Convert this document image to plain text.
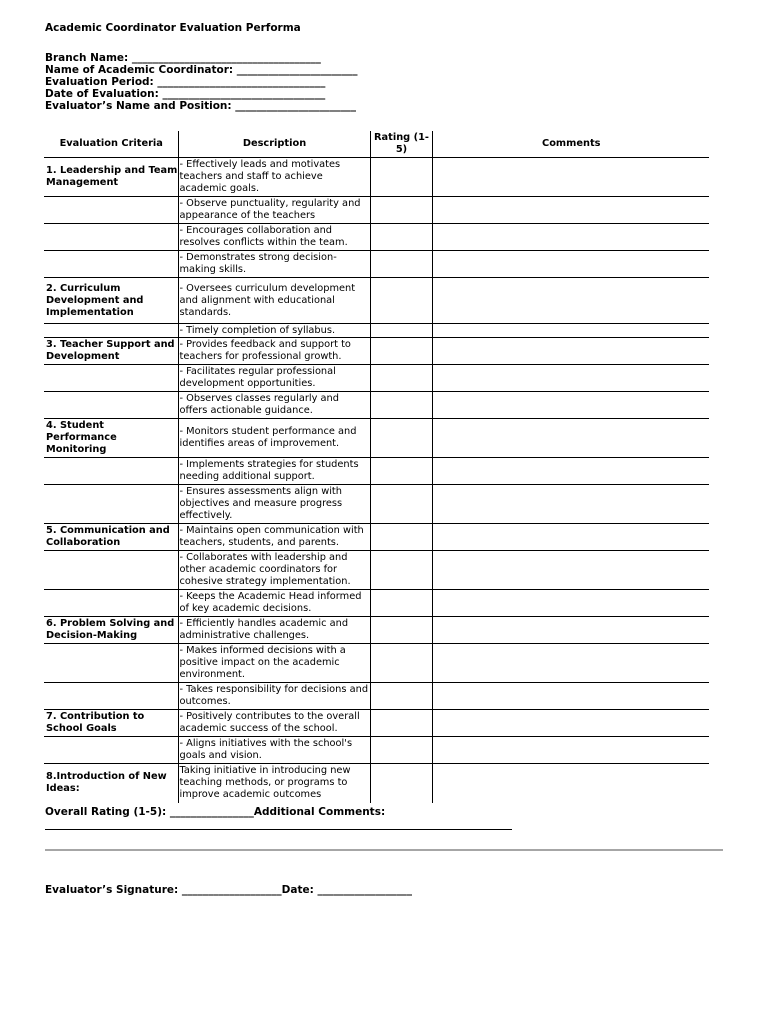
Academic Coordinator Evaluation Performa
Branch Name: ____________________________________
Name of Academic Coordinator: _______________________
Evaluation Period: ________________________________
Date of Evaluation: _______________________________
Evaluator’s Name and Position: _______________________
Evaluation Criteria	Description	Rating (1-5)	Comments
1. Leadership and Team Management	- Effectively leads and motivates teachers and staff to achieve academic goals.		
	- Observe punctuality, regularity and appearance of the teachers		
	- Encourages collaboration and resolves conflicts within the team.		
	- Demonstrates strong decision-making skills.		
2. Curriculum Development and Implementation	- Oversees curriculum development and alignment with educational standards.		
	- Timely completion of syllabus.		
3. Teacher Support and Development	- Provides feedback and support to teachers for professional growth.		
	- Facilitates regular professional development opportunities.		
	- Observes classes regularly and offers actionable guidance.		
4. Student Performance Monitoring	- Monitors student performance and identifies areas of improvement.		
	- Implements strategies for students needing additional support.		
	- Ensures assessments align with objectives and measure progress effectively.		
5. Communication and Collaboration	- Maintains open communication with teachers, students, and parents.		
	- Collaborates with leadership and other academic coordinators for cohesive strategy implementation.		
	- Keeps the Academic Head informed of key academic decisions.		
6. Problem Solving and Decision-Making	- Efficiently handles academic and administrative challenges.		
	- Makes informed decisions with a positive impact on the academic environment.		
	- Takes responsibility for decisions and outcomes.		
7. Contribution to School Goals	- Positively contributes to the overall academic success of the school.		
	- Aligns initiatives with the school's goals and vision.		
8.Introduction of New Ideas:	Taking initiative in introducing new teaching methods, or programs to improve academic outcomes		
Overall Rating (1-5): ________________Additional Comments:
Evaluator’s Signature: ___________________Date: __________________
